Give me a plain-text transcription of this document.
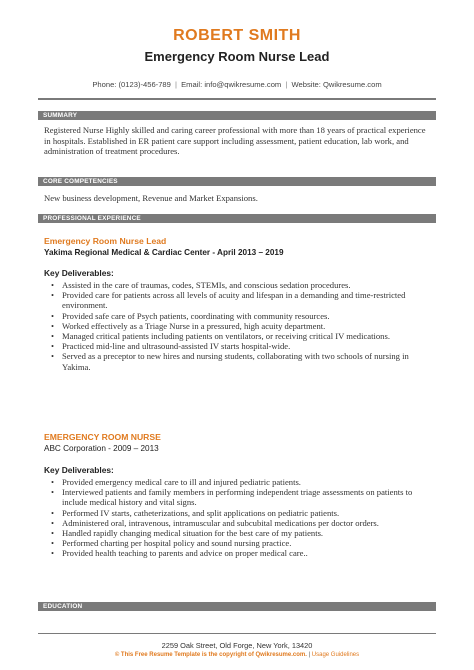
ROBERT SMITH
Emergency Room Nurse Lead
Phone: (0123)-456-789 | Email: info@qwikresume.com | Website: Qwikresume.com
SUMMARY
Registered Nurse Highly skilled and caring career professional with more than 18 years of practical experience in hospitals. Established in ER patient care support including assessment, patient education, lab work, and administration of treatment procedures.
CORE COMPETENCIES
New business development, Revenue and Market Expansions.
PROFESSIONAL EXPERIENCE
Emergency Room Nurse Lead
Yakima Regional Medical & Cardiac Center - April 2013 – 2019
Key Deliverables:
• Assisted in the care of traumas, codes, STEMIs, and conscious sedation procedures.
• Provided care for patients across all levels of acuity and lifespan in a demanding and time-restricted environment.
• Provided safe care of Psych patients, coordinating with community resources.
• Worked effectively as a Triage Nurse in a pressured, high acuity department.
• Managed critical patients including patients on ventilators, or receiving critical IV medications.
• Practiced mid-line and ultrasound-assisted IV starts hospital-wide.
• Served as a preceptor to new hires and nursing students, collaborating with two schools of nursing in Yakima.
EMERGENCY ROOM NURSE
ABC Corporation - 2009 – 2013
Key Deliverables:
• Provided emergency medical care to ill and injured pediatric patients.
• Interviewed patients and family members in performing independent triage assessments on patients to include medical history and vital signs.
• Performed IV starts, catheterizations, and split applications on pediatric patients.
• Administered oral, intravenous, intramuscular and subcubital medications per doctor orders.
• Handled rapidly changing medical situation for the best care of my patients.
• Performed charting per hospital policy and sound nursing practice.
• Provided health teaching to parents and advice on proper medical care..
EDUCATION
2259 Oak Street, Old Forge, New York, 13420
© This Free Resume Template is the copyright of Qwikresume.com. | Usage Guidelines
